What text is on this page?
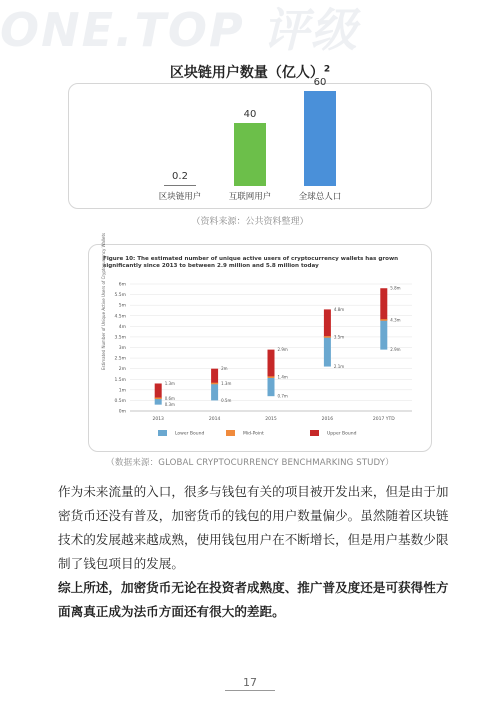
ONE.TOP 评级
区块链用户数量（亿人）$^2$
0.2
区块链用户
40
互联网用户
60
全球总人口
（资料来源：公共资料整理）
Figure 10: The estimated number of unique active users of cryptocurrency wallets has grown significantly since 2013 to between 2.9 million and 5.8 million today
Estimated Number of Unique Active Users of Cryptocurrency Wallets
0m
0.5m
1m
1.5m
2m
2.5m
3m
3.5m
4m
4.5m
5m
5.5m
6m
0.3m
0.6m
1.3m
2013
0.5m
1.3m
2m
2014
0.7m
1.4m
2.9m
2015
2.1m
3.5m
4.8m
2016
2.9m
4.3m
5.8m
2017 YTD
Lower Bound	Mid-Point	Upper Bound
（数据来源：GLOBAL CRYPTOCURRENCY BENCHMARKING STUDY）
作为未来流量的入口，很多与钱包有关的项目被开发出来，但是由于加密货币还没有普及，加密货币的钱包的用户数量偏少。虽然随着区块链技术的发展越来越成熟，使用钱包用户在不断增长，但是用户基数少限制了钱包项目的发展。
综上所述，加密货币无论在投资者成熟度、推广普及度还是可获得性方面离真正成为法币方面还有很大的差距。
17
